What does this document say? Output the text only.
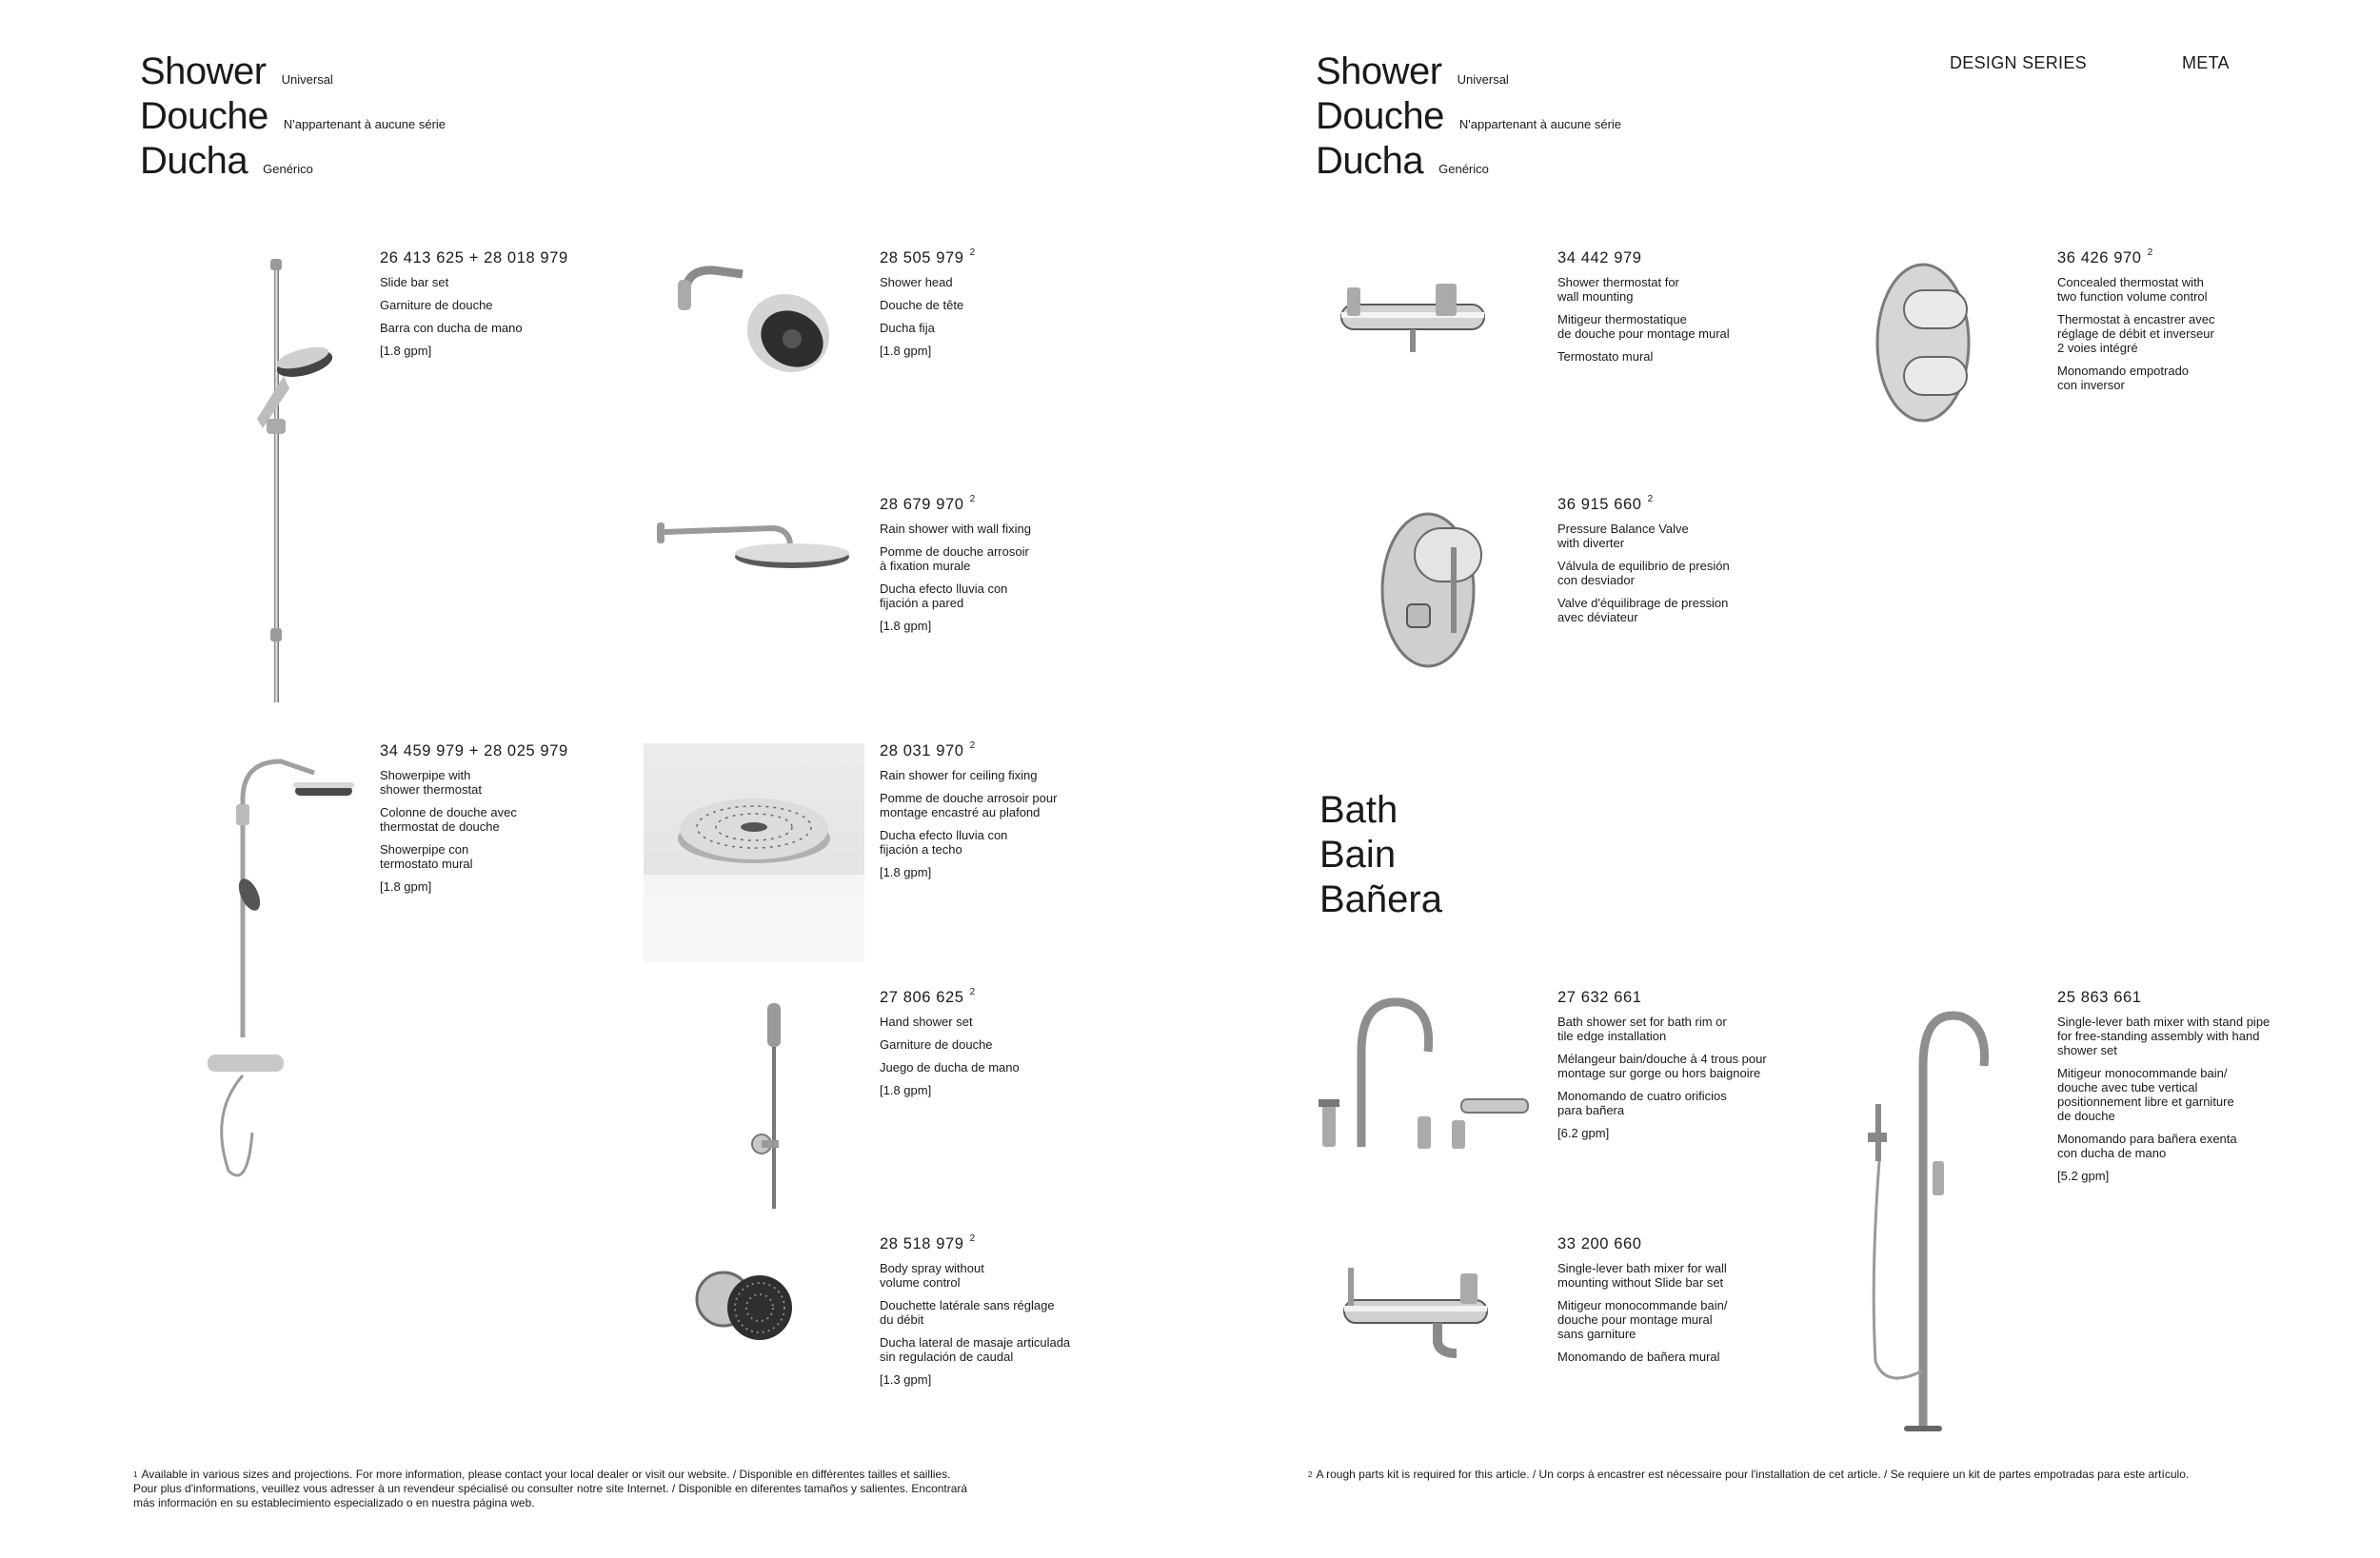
Shower Universal
Douche N'appartenant à aucune série
Ducha Genérico
Shower Universal
Douche N'appartenant à aucune série
Ducha Genérico
DESIGN SERIES	META
26 413 625 + 28 018 979
Slide bar set
Garniture de douche
Barra con ducha de mano
[1.8 gpm]
28 505 979 $^2$
Shower head
Douche de tête
Ducha fija
[1.8 gpm]
28 679 970 $^2$
Rain shower with wall fixing
Pomme de douche arrosoir
à fixation murale
Ducha efecto lluvia con
fijación a pared
[1.8 gpm]
34 459 979 + 28 025 979
Showerpipe with
shower thermostat
Colonne de douche avec
thermostat de douche
Showerpipe con
termostato mural
[1.8 gpm]
28 031 970 $^2$
Rain shower for ceiling fixing
Pomme de douche arrosoir pour
montage encastré au plafond
Ducha efecto lluvia con
fijación a techo
[1.8 gpm]
27 806 625 $^2$
Hand shower set
Garniture de douche
Juego de ducha de mano
[1.8 gpm]
28 518 979 $^2$
Body spray without
volume control
Douchette latérale sans réglage
du débit
Ducha lateral de masaje articulada
sin regulación de caudal
[1.3 gpm]
34 442 979
Shower thermostat for
wall mounting
Mitigeur thermostatique
de douche pour montage mural
Termostato mural
36 426 970 $^2$
Concealed thermostat with
two function volume control
Thermostat à encastrer avec
réglage de débit et inverseur
2 voies intégré
Monomando empotrado
con inversor
36 915 660 $^2$
Pressure Balance Valve
with diverter
Válvula de equilibrio de presión
con desviador
Valve d'équilibrage de pression
avec déviateur
Bath
Bain
Bañera
27 632 661
Bath shower set for bath rim or
tile edge installation
Mélangeur bain/douche à 4 trous pour
montage sur gorge ou hors baignoire
Monomando de cuatro orificios
para bañera
[6.2 gpm]
33 200 660
Single-lever bath mixer for wall
mounting without Slide bar set
Mitigeur monocommande bain/
douche pour montage mural
sans garniture
Monomando de bañera mural
25 863 661
Single-lever bath mixer with stand pipe
for free-standing assembly with hand
shower set
Mitigeur monocommande bain/
douche avec tube vertical
positionnement libre et garniture
de douche
Monomando para bañera exenta
con ducha de mano
[5.2 gpm]
$^1$ Available in various sizes and projections. For more information, please contact your local dealer or visit our website. / Disponible en différentes tailles et saillies.
Pour plus d'informations, veuillez vous adresser à un revendeur spécialisé ou consulter notre site Internet. / Disponible en diferentes tamaños y salientes. Encontrará
más información en su establecimiento especializado o en nuestra página web.
$^2$ A rough parts kit is required for this article. / Un corps à encastrer est nécessaire pour l'installation de cet article. / Se requiere un kit de partes empotradas para este artículo.
